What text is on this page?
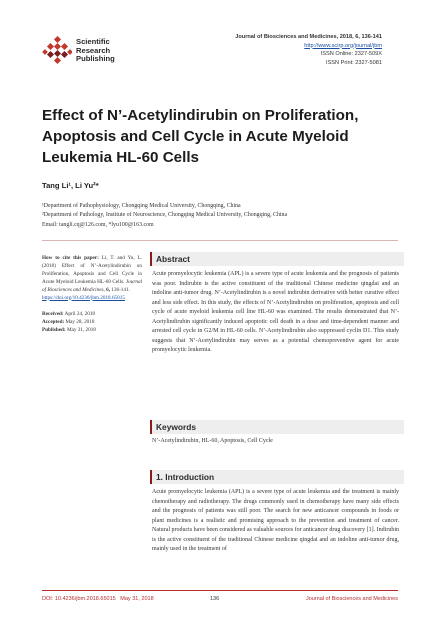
Scientific
Research
Publishing
Journal of Biosciences and Medicines, 2018, 6, 136-141
http://www.scirp.org/journal/jbm
ISSN Online: 2327-509X
ISSN Print: 2327-5081
Effect of N’-Acetylindirubin on Proliferation, Apoptosis and Cell Cycle in Acute Myeloid Leukemia HL-60 Cells
Tang Li¹, Li Yu²*
¹Department of Pathophysiology, Chongqing Medical University, Chongqing, China
²Department of Pathology, Institute of Neuroscience, Chongqing Medical University, Chongqing, China
Email: tangli.cq@126.com, *lyu100@163.com
How to cite this paper: Li, T. and Yu, L. (2018) Effect of N’-Acetylindirubin on Proliferation, Apoptosis and Cell Cycle in Acute Myeloid Leukemia HL-60 Cells. Journal of Biosciences and Medicines, 6, 136-141.
https://doi.org/10.4236/jbm.2018.65015
Received: April 24, 2018
Accepted: May 28, 2018
Published: May 31, 2018
Abstract
Acute promyelocytic leukemia (APL) is a severe type of acute leukemia and the prognosis of patients was poor. Indirubin is the active constituent of the traditional Chinese medicine qingdai and an indoline anti-tumor drug. N’-Acetylindirubin is a novel indirubin derivative with better curative effect and less side effect. In this study, the effects of N’-Acetylindirubin on proliferation, apoptosis and cell cycle of acute myeloid leukemia cell line HL-60 was examined. The results demonstrated that N’-Acetylindirubin significantly induced apoptotic cell death in a dose and time-dependent manner and arrested cell cycle in G2/M in HL-60 cells. N’-Acetylindirubin also suppressed cyclin D1. This study suggests that N’-Acetylindirubin may serves as a potential chemopreventive agent for acute promyelocytic leukemia.
Keywords
N’-Acetylindirubin, HL-60, Apoptosis, Cell Cycle
1. Introduction
Acute promyelocytic leukemia (APL) is a severe type of acute leukemia and the treatment is mainly chemotherapy and radiotherapy. The drugs commonly used in chemotherapy have many side effects and the prognosis of patients was still poor. The search for new anticancer compounds in foods or plant medicines is a realistic and promising approach to the prevention and treatment of cancer. Natural products have been considered as valuable sources for anticancer drug discovery [1]. Indirubin is the active constituent of the traditional Chinese medicine qingdai and an indoline anti-tumor drug, mainly used in the treatment of
DOI: 10.4236/jbm.2018.65015 May 31, 2018	136	Journal of Biosciences and Medicines
